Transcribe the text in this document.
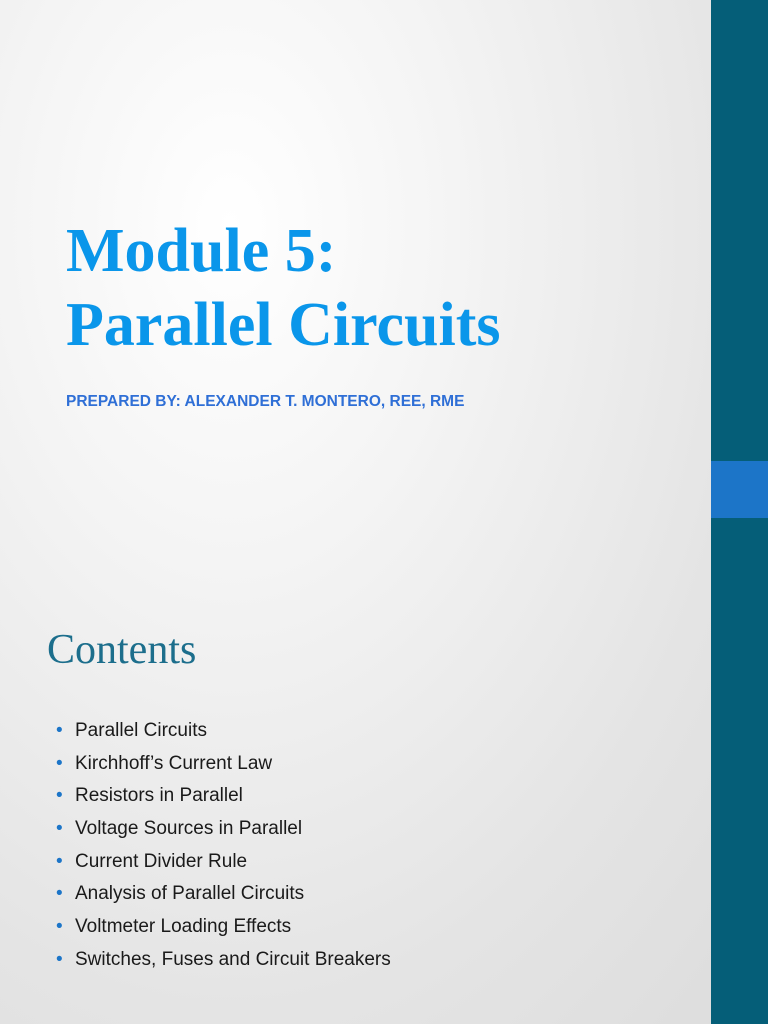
Module 5:
Parallel Circuits

PREPARED BY: ALEXANDER T. MONTERO, REE, RME

Contents
• Parallel Circuits
• Kirchhoff’s Current Law
• Resistors in Parallel
• Voltage Sources in Parallel
• Current Divider Rule
• Analysis of Parallel Circuits
• Voltmeter Loading Effects
• Switches, Fuses and Circuit Breakers
